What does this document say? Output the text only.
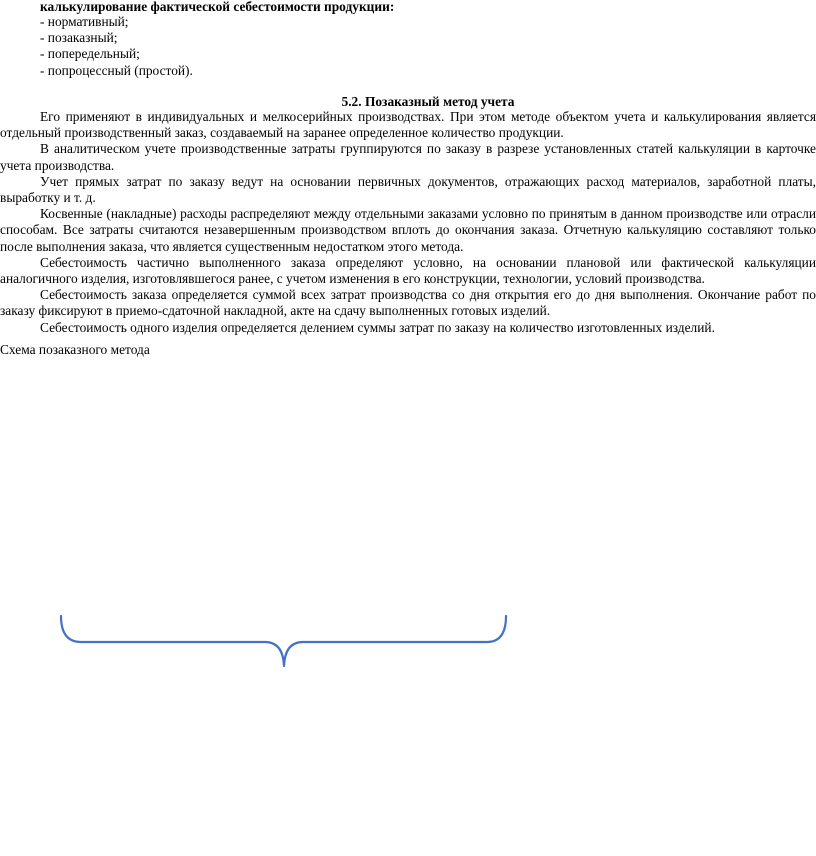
калькулирование фактической себестоимости продукции:
- нормативный;
- позаказный;
- попередельный;
- попроцессный (простой).
5.2. Позаказный метод учета

Его применяют в индивидуальных и мелкосерийных производствах. При этом методе объектом учета и калькулирования является отдельный производственный заказ, создаваемый на заранее определенное количество продукции.

В аналитическом учете производственные затраты группируются по заказу в разрезе установленных статей калькуляции в карточке учета производства.

Учет прямых затрат по заказу ведут на основании первичных документов, отражающих расход материалов, заработной платы, выработку и т. д.

Косвенные (накладные) расходы распределяют между отдельными заказами условно по принятым в данном производстве или отрасли способам. Все затраты считаются незавершенным производством вплоть до окончания заказа. Отчетную калькуляцию составляют только после выполнения заказа, что является существенным недостатком этого метода.

Себестоимость частично выполненного заказа определяют условно, на основании плановой или фактической калькуляции аналогичного изделия, изготовлявшегося ранее, с учетом изменения в его конструкции, технологии, условий производства.

Себестоимость заказа определяется суммой всех затрат производства со дня открытия его до дня выполнения. Окончание работ по заказу фиксируют в приемо-сдаточной накладной, акте на сдачу выполненных готовых изделий.

Себестоимость одного изделия определяется делением суммы затрат по заказу на количество изготовленных изделий.

Схема позаказного метода
